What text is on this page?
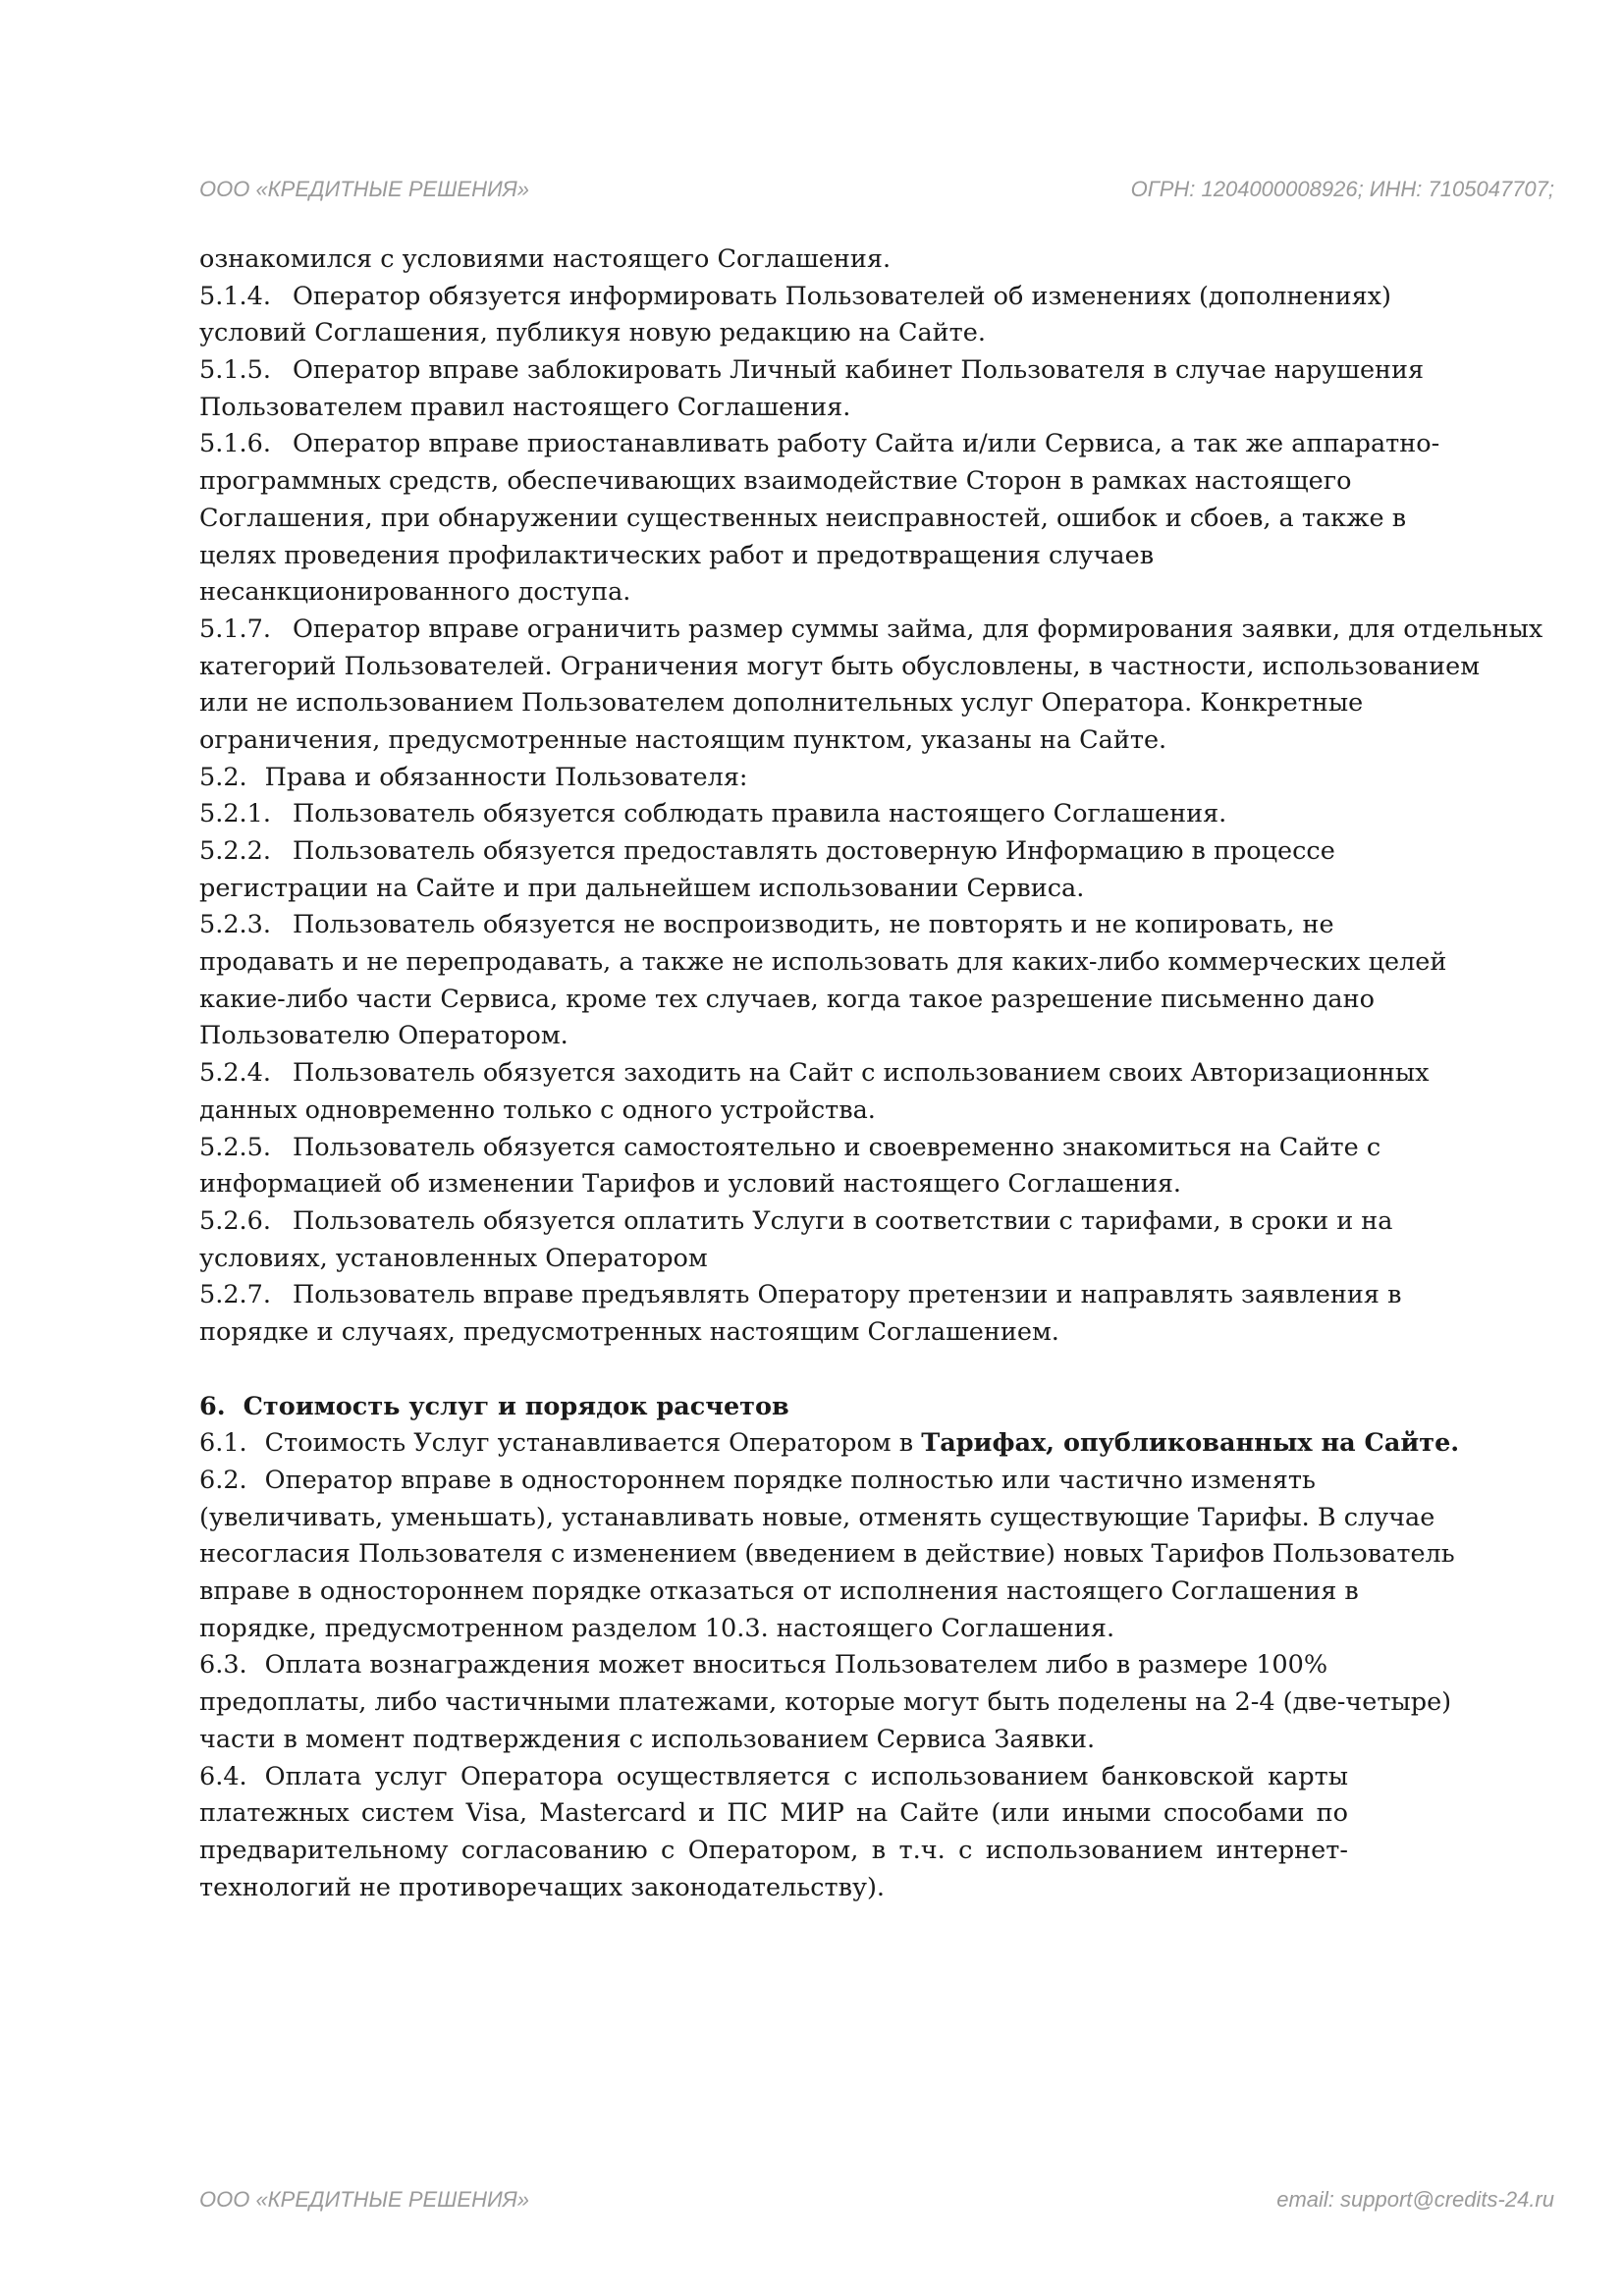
ООО «КРЕДИТНЫЕ РЕШЕНИЯ»	ОГРН: 1204000008926; ИНН: 7105047707;
ознакомился с условиями настоящего Соглашения.
5.1.4. Оператор обязуется информировать Пользователей об изменениях (дополнениях)
условий Соглашения, публикуя новую редакцию на Сайте.
5.1.5. Оператор вправе заблокировать Личный кабинет Пользователя в случае нарушения
Пользователем правил настоящего Соглашения.
5.1.6. Оператор вправе приостанавливать работу Сайта и/или Сервиса, а так же аппаратно-
программных средств, обеспечивающих взаимодействие Сторон в рамках настоящего
Соглашения, при обнаружении существенных неисправностей, ошибок и сбоев, а также в
целях проведения профилактических работ и предотвращения случаев
несанкционированного доступа.
5.1.7. Оператор вправе ограничить размер суммы займа, для формирования заявки, для отдельных
категорий Пользователей. Ограничения могут быть обусловлены, в частности, использованием
или не использованием Пользователем дополнительных услуг Оператора. Конкретные
ограничения, предусмотренные настоящим пунктом, указаны на Сайте.
5.2. Права и обязанности Пользователя:
5.2.1. Пользователь обязуется соблюдать правила настоящего Соглашения.
5.2.2. Пользователь обязуется предоставлять достоверную Информацию в процессе
регистрации на Сайте и при дальнейшем использовании Сервиса.
5.2.3. Пользователь обязуется не воспроизводить, не повторять и не копировать, не
продавать и не перепродавать, а также не использовать для каких-либо коммерческих целей
какие-либо части Сервиса, кроме тех случаев, когда такое разрешение письменно дано
Пользователю Оператором.
5.2.4. Пользователь обязуется заходить на Сайт с использованием своих Авторизационных
данных одновременно только с одного устройства.
5.2.5. Пользователь обязуется самостоятельно и своевременно знакомиться на Сайте с
информацией об изменении Тарифов и условий настоящего Соглашения.
5.2.6. Пользователь обязуется оплатить Услуги в соответствии с тарифами, в сроки и на
условиях, установленных Оператором
5.2.7. Пользователь вправе предъявлять Оператору претензии и направлять заявления в
порядке и случаях, предусмотренных настоящим Соглашением.
6. Стоимость услуг и порядок расчетов
6.1. Стоимость Услуг устанавливается Оператором в Тарифах, опубликованных на Сайте.
6.2. Оператор вправе в одностороннем порядке полностью или частично изменять
(увеличивать, уменьшать), устанавливать новые, отменять существующие Тарифы. В случае
несогласия Пользователя с изменением (введением в действие) новых Тарифов Пользователь
вправе в одностороннем порядке отказаться от исполнения настоящего Соглашения в
порядке, предусмотренном разделом 10.3. настоящего Соглашения.
6.3. Оплата вознаграждения может вноситься Пользователем либо в размере 100%
предоплаты, либо частичными платежами, которые могут быть поделены на 2-4 (две-четыре)
части в момент подтверждения с использованием Сервиса Заявки.
6.4. Оплата услуг Оператора осуществляется с использованием банковской карты
платежных систем Visa, Mastercard и ПС МИР на Сайте (или иными способами по
предварительному согласованию с Оператором, в т.ч. с использованием интернет-
технологий не противоречащих законодательству).
ООО «КРЕДИТНЫЕ РЕШЕНИЯ»	email: support@credits-24.ru
